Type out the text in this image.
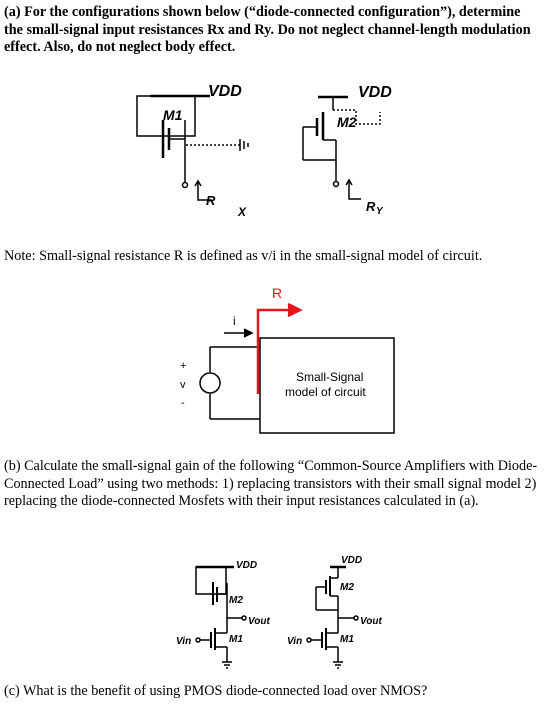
(a) For the configurations shown below (“diode-connected configuration”), determine the small-signal input resistances Rx and Ry. Do not neglect channel-length modulation effect. Also, do not neglect body effect.

Note: Small-signal resistance R is defined as v/i in the small-signal model of circuit.

(b) Calculate the small-signal gain of the following “Common-Source Amplifiers with Diode-Connected Load” using two methods: 1) replacing transistors with their small signal model 2) replacing the diode-connected Mosfets with their input resistances calculated in (a).

(c) What is the benefit of using PMOS diode-connected load over NMOS?

VDD
M1
R
X
VDD
M2
R Y
R
i
+
v
-
Small-Signal
model of circuit
VDD
M2
Vout
Vin	M1
VDD
M2
Vout
Vin	M1
